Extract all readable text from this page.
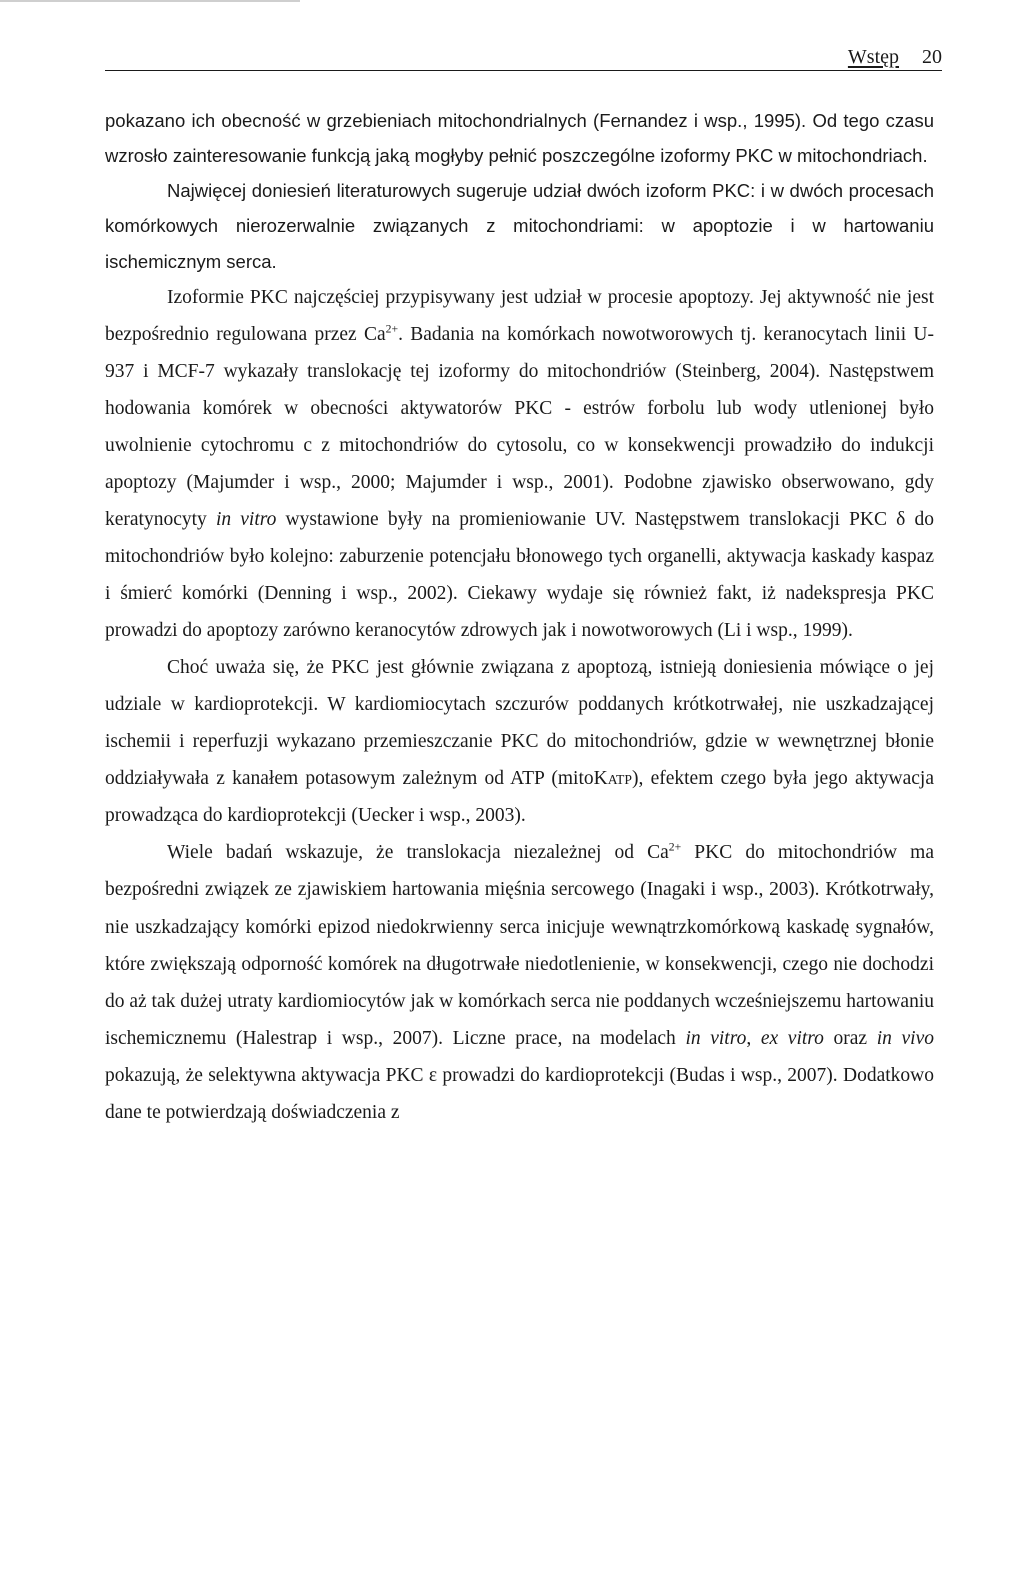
Wstęp 20

pokazano ich obecność w grzebieniach mitochondrialnych (Fernandez i wsp., 1995). Od tego czasu wzrosło zainteresowanie funkcją jaką mogłyby pełnić poszczególne izoformy PKC w mitochondriach.

Najwięcej doniesień literaturowych sugeruje udział dwóch izoform PKC: i w dwóch procesach komórkowych nierozerwalnie związanych z mitochondriami: w apoptozie i w hartowaniu ischemicznym serca.

Izoformie PKC najczęściej przypisywany jest udział w procesie apoptozy. Jej aktywność nie jest bezpośrednio regulowana przez $Ca^{2+}$. Badania na komórkach nowotworowych tj. keranocytach linii U-937 i MCF-7 wykazały translokację tej izoformy do mitochondriów (Steinberg, 2004). Następstwem hodowania komórek w obecności aktywatorów PKC - estrów forbolu lub wody utlenionej było uwolnienie cytochromu c z mitochondriów do cytosolu, co w konsekwencji prowadziło do indukcji apoptozy (Majumder i wsp., 2000; Majumder i wsp., 2001). Podobne zjawisko obserwowano, gdy keratynocyty in vitro wystawione były na promieniowanie UV. Następstwem translokacji PKC δ do mitochondriów było kolejno: zaburzenie potencjału błonowego tych organelli, aktywacja kaskady kaspaz i śmierć komórki (Denning i wsp., 2002). Ciekawy wydaje się również fakt, iż nadekspresja PKC prowadzi do apoptozy zarówno keranocytów zdrowych jak i nowotworowych (Li i wsp., 1999).

Choć uważa się, że PKC jest głównie związana z apoptozą, istnieją doniesienia mówiące o jej udziale w kardioprotekcji. W kardiomiocytach szczurów poddanych krótkotrwałej, nie uszkadzającej ischemii i reperfuzji wykazano przemieszczanie PKC do mitochondriów, gdzie w wewnętrznej błonie oddziaływała z kanałem potasowym zależnym od ATP (mitoKATP), efektem czego była jego aktywacja prowadząca do kardioprotekcji (Uecker i wsp., 2003).

Wiele badań wskazuje, że translokacja niezależnej od $Ca^{2+}$ PKC do mitochondriów ma bezpośredni związek ze zjawiskiem hartowania mięśnia sercowego (Inagaki i wsp., 2003). Krótkotrwały, nie uszkadzający komórki epizod niedokrwienny serca inicjuje wewnątrzkomórkową kaskadę sygnałów, które zwiększają odporność komórek na długotrwałe niedotlenienie, w konsekwencji, czego nie dochodzi do aż tak dużej utraty kardiomiocytów jak w komórkach serca nie poddanych wcześniejszemu hartowaniu ischemicznemu (Halestrap i wsp., 2007). Liczne prace, na modelach in vitro, ex vitro oraz in vivo pokazują, że selektywna aktywacja PKC ε prowadzi do kardioprotekcji (Budas i wsp., 2007). Dodatkowo dane te potwierdzają doświadczenia z
